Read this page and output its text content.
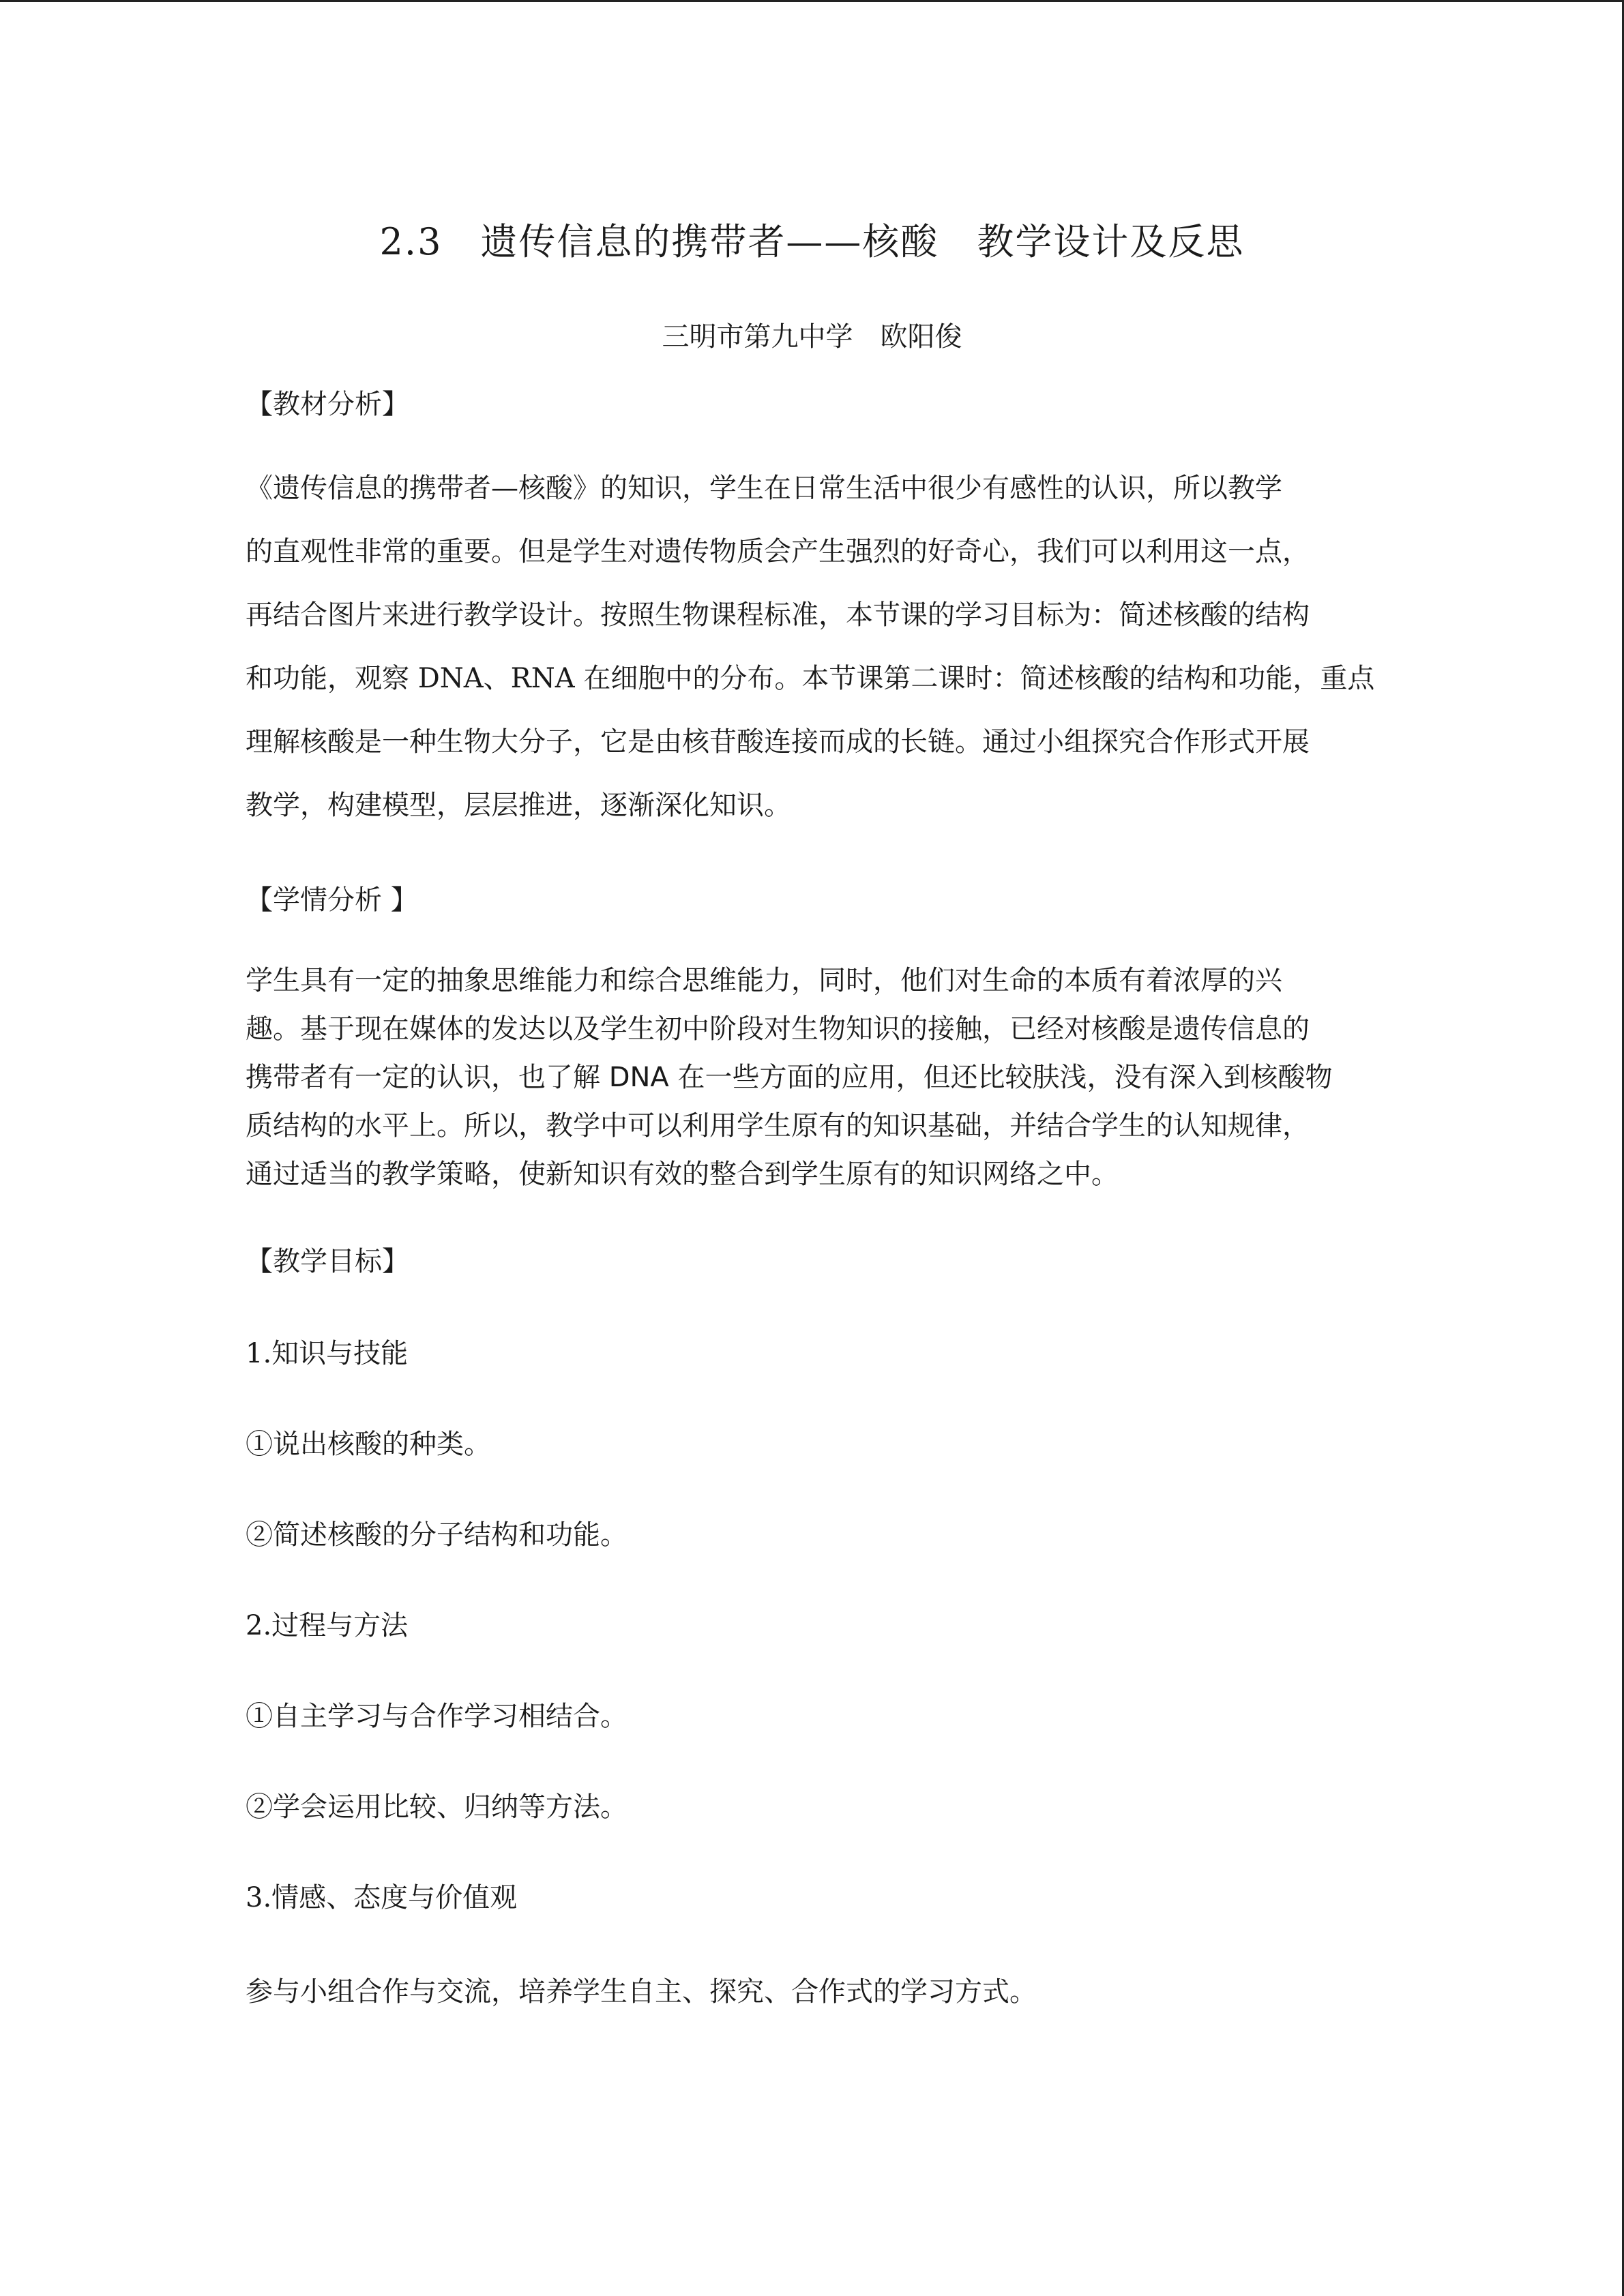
2.3　遗传信息的携带者——核酸　教学设计及反思
三明市第九中学　欧阳俊
【教材分析】
《遗传信息的携带者—核酸》的知识，学生在日常生活中很少有感性的认识，所以教学
的直观性非常的重要。但是学生对遗传物质会产生强烈的好奇心，我们可以利用这一点，
再结合图片来进行教学设计。按照生物课程标准，本节课的学习目标为：简述核酸的结构
和功能，观察 DNA、RNA 在细胞中的分布。本节课第二课时：简述核酸的结构和功能，重点
理解核酸是一种生物大分子，它是由核苷酸连接而成的长链。通过小组探究合作形式开展
教学，构建模型，层层推进，逐渐深化知识。
【学情分析 】
学生具有一定的抽象思维能力和综合思维能力，同时，他们对生命的本质有着浓厚的兴
趣。基于现在媒体的发达以及学生初中阶段对生物知识的接触，已经对核酸是遗传信息的
携带者有一定的认识，也了解 DNA 在一些方面的应用，但还比较肤浅，没有深入到核酸物
质结构的水平上。所以，教学中可以利用学生原有的知识基础，并结合学生的认知规律，
通过适当的教学策略，使新知识有效的整合到学生原有的知识网络之中。
【教学目标】
1.知识与技能
①说出核酸的种类。
②简述核酸的分子结构和功能。
2.过程与方法
①自主学习与合作学习相结合。
②学会运用比较、归纳等方法。
3.情感、态度与价值观
参与小组合作与交流，培养学生自主、探究、合作式的学习方式。
